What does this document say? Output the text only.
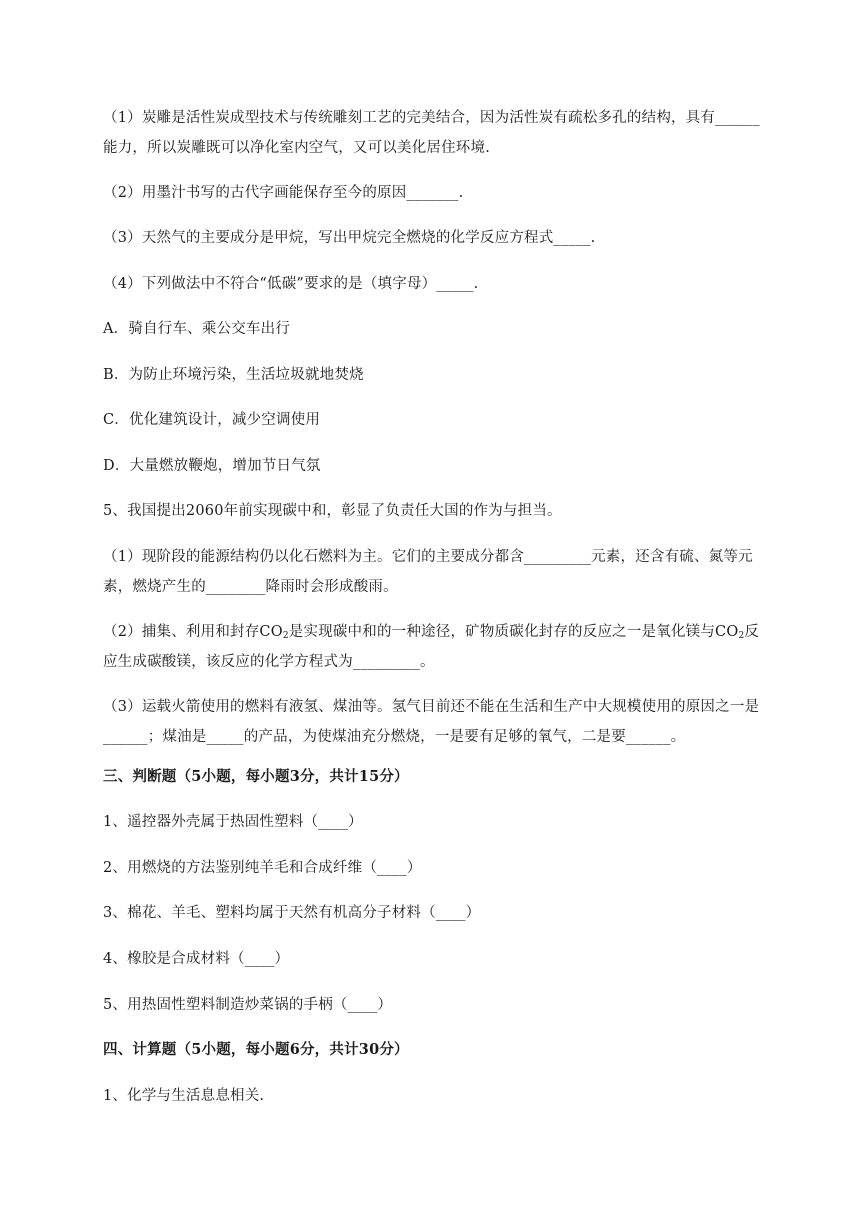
（1）炭雕是活性炭成型技术与传统雕刻工艺的完美结合，因为活性炭有疏松多孔的结构，具有______
能力，所以炭雕既可以净化室内空气，又可以美化居住环境.
（2）用墨汁书写的古代字画能保存至今的原因_______.
（3）天然气的主要成分是甲烷，写出甲烷完全燃烧的化学反应方程式_____.
（4）下列做法中不符合“低碳”要求的是（填字母）_____.
A．骑自行车、乘公交车出行
B．为防止环境污染，生活垃圾就地焚烧
C．优化建筑设计，减少空调使用
D．大量燃放鞭炮，增加节日气氛
5、我国提出2060年前实现碳中和，彰显了负责任大国的作为与担当。
（1）现阶段的能源结构仍以化石燃料为主。它们的主要成分都含_________元素，还含有硫、氮等元
素，燃烧产生的________降雨时会形成酸雨。
（2）捕集、利用和封存$CO_2$是实现碳中和的一种途径，矿物质碳化封存的反应之一是氧化镁与$CO_2$反
应生成碳酸镁，该反应的化学方程式为_________。
（3）运载火箭使用的燃料有液氢、煤油等。氢气目前还不能在生活和生产中大规模使用的原因之一是
______；煤油是_____的产品，为使煤油充分燃烧，一是要有足够的氧气，二是要______。
三、判断题（5小题，每小题3分，共计15分）
1、遥控器外壳属于热固性塑料（____）
2、用燃烧的方法鉴别纯羊毛和合成纤维（____）
3、棉花、羊毛、塑料均属于天然有机高分子材料（____）
4、橡胶是合成材料（____）
5、用热固性塑料制造炒菜锅的手柄（____）
四、计算题（5小题，每小题6分，共计30分）
1、化学与生活息息相关.
